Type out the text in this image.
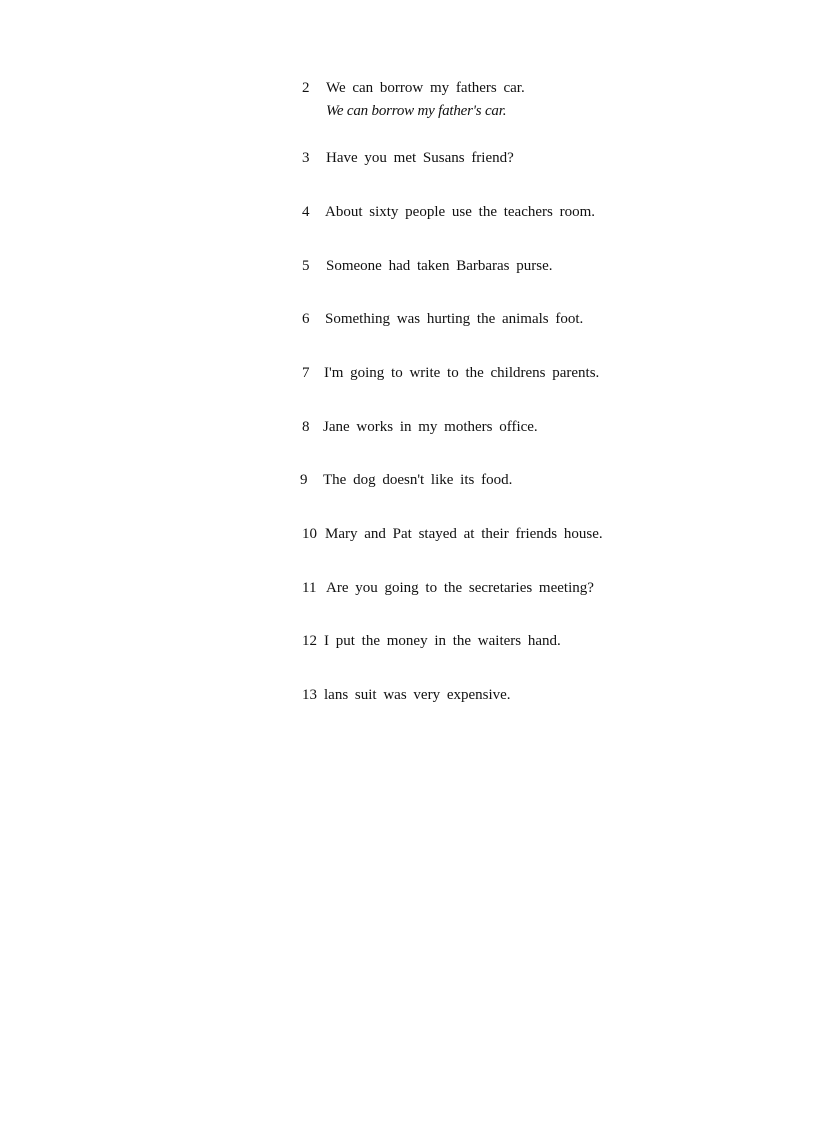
2 We can borrow my fathers car.
We can borrow my father's car.
3 Have you met Susans friend?
4 About sixty people use the teachers room.
5 Someone had taken Barbaras purse.
6 Something was hurting the animals foot.
7 I'm going to write to the childrens parents.
8 Jane works in my mothers office.
9 The dog doesn't like its food.
10 Mary and Pat stayed at their friends house.
11 Are you going to the secretaries meeting?
12 I put the money in the waiters hand.
13 lans suit was very expensive.
